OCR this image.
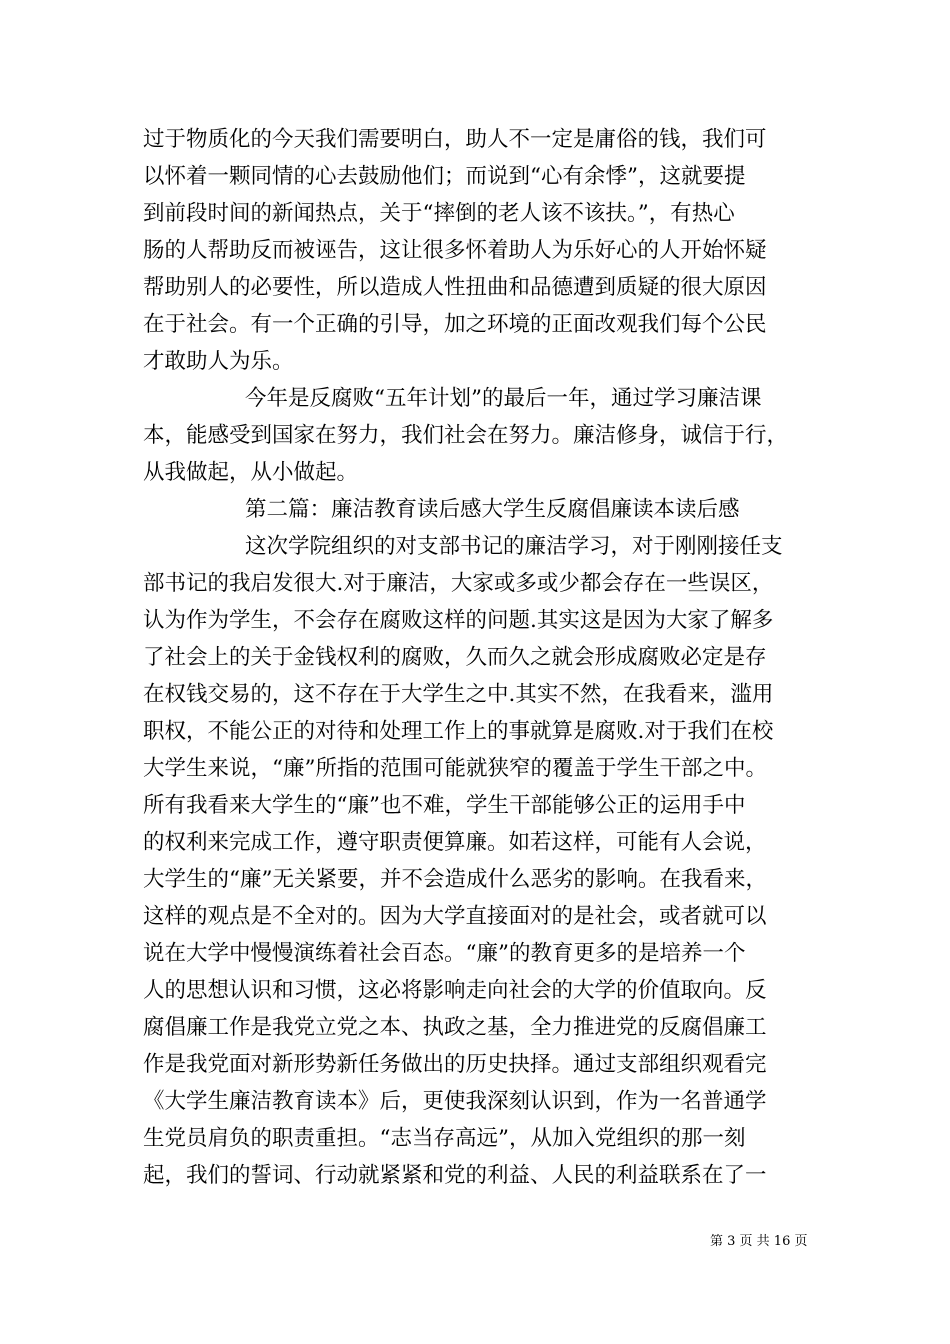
过于物质化的今天我们需要明白，助人不一定是庸俗的钱，我们可
以怀着一颗同情的心去鼓励他们；而说到“心有余悸”，这就要提
到前段时间的新闻热点，关于“摔倒的老人该不该扶。”，有热心
肠的人帮助反而被诬告，这让很多怀着助人为乐好心的人开始怀疑
帮助别人的必要性，所以造成人性扭曲和品德遭到质疑的很大原因
在于社会。有一个正确的引导，加之环境的正面改观我们每个公民
才敢助人为乐。
今年是反腐败“五年计划”的最后一年，通过学习廉洁课
本，能感受到国家在努力，我们社会在努力。廉洁修身，诚信于行，
从我做起，从小做起。
第二篇：廉洁教育读后感大学生反腐倡廉读本读后感
这次学院组织的对支部书记的廉洁学习，对于刚刚接任支
部书记的我启发很大.对于廉洁，大家或多或少都会存在一些误区，
认为作为学生，不会存在腐败这样的问题.其实这是因为大家了解多
了社会上的关于金钱权利的腐败，久而久之就会形成腐败必定是存
在权钱交易的，这不存在于大学生之中.其实不然，在我看来，滥用
职权，不能公正的对待和处理工作上的事就算是腐败.对于我们在校
大学生来说，“廉”所指的范围可能就狭窄的覆盖于学生干部之中。
所有我看来大学生的“廉”也不难，学生干部能够公正的运用手中
的权利来完成工作，遵守职责便算廉。如若这样，可能有人会说，
大学生的“廉”无关紧要，并不会造成什么恶劣的影响。在我看来，
这样的观点是不全对的。因为大学直接面对的是社会，或者就可以
说在大学中慢慢演练着社会百态。“廉”的教育更多的是培养一个
人的思想认识和习惯，这必将影响走向社会的大学的价值取向。反
腐倡廉工作是我党立党之本、执政之基，全力推进党的反腐倡廉工
作是我党面对新形势新任务做出的历史抉择。通过支部组织观看完
《大学生廉洁教育读本》后，更使我深刻认识到，作为一名普通学
生党员肩负的职责重担。“志当存高远”，从加入党组织的那一刻
起，我们的誓词、行动就紧紧和党的利益、人民的利益联系在了一
第 3 页 共 16 页
